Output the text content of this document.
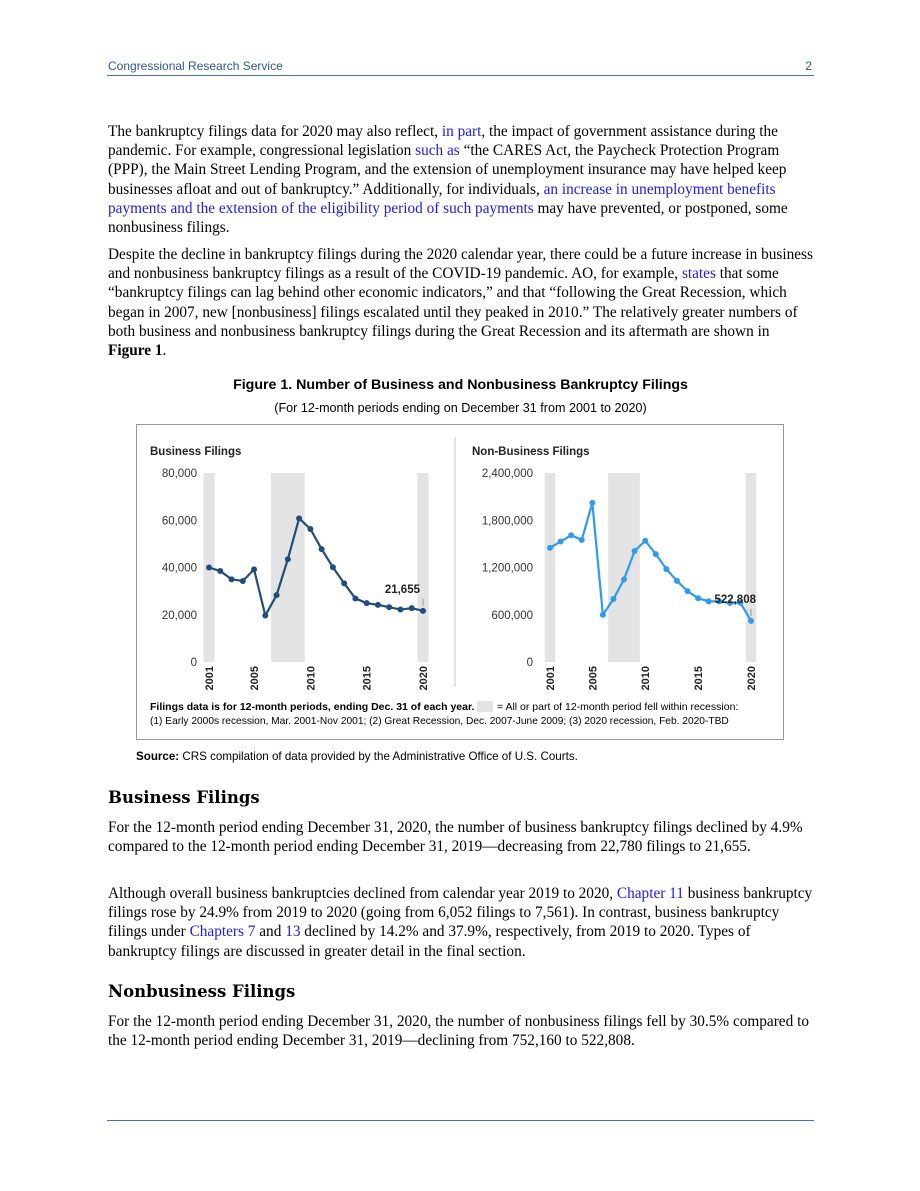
Congressional Research Service	2

The bankruptcy filings data for 2020 may also reflect, in part, the impact of government assistance during the pandemic. For example, congressional legislation such as “the CARES Act, the Paycheck Protection Program (PPP), the Main Street Lending Program, and the extension of unemployment insurance may have helped keep businesses afloat and out of bankruptcy.” Additionally, for individuals, an increase in unemployment benefits payments and the extension of the eligibility period of such payments may have prevented, or postponed, some nonbusiness filings.

Despite the decline in bankruptcy filings during the 2020 calendar year, there could be a future increase in business and nonbusiness bankruptcy filings as a result of the COVID-19 pandemic. AO, for example, states that some “bankruptcy filings can lag behind other economic indicators,” and that “following the Great Recession, which began in 2007, new [nonbusiness] filings escalated until they peaked in 2010.” The relatively greater numbers of both business and nonbusiness bankruptcy filings during the Great Recession and its aftermath are shown in Figure 1.

Figure 1. Number of Business and Nonbusiness Bankruptcy Filings
(For 12-month periods ending on December 31 from 2001 to 2020)
Business Filings
80,000
60,000
40,000
20,000
0
2001	2005	2010	2015	2020
21,655
Non-Business Filings
2,400,000
1,800,000
1,200,000
600,000
0
2001	2005	2010	2015	2020
522,808
Filings data is for 12-month periods, ending Dec. 31 of each year. = All or part of 12-month period fell within recession:
(1) Early 2000s recession, Mar. 2001-Nov 2001; (2) Great Recession, Dec. 2007-June 2009; (3) 2020 recession, Feb. 2020-TBD
Source: CRS compilation of data provided by the Administrative Office of U.S. Courts.
Business Filings

For the 12-month period ending December 31, 2020, the number of business bankruptcy filings declined by 4.9% compared to the 12-month period ending December 31, 2019—decreasing from 22,780 filings to 21,655.

Although overall business bankruptcies declined from calendar year 2019 to 2020, Chapter 11 business bankruptcy filings rose by 24.9% from 2019 to 2020 (going from 6,052 filings to 7,561). In contrast, business bankruptcy filings under Chapters 7 and 13 declined by 14.2% and 37.9%, respectively, from 2019 to 2020. Types of bankruptcy filings are discussed in greater detail in the final section.

Nonbusiness Filings

For the 12-month period ending December 31, 2020, the number of nonbusiness filings fell by 30.5% compared to the 12-month period ending December 31, 2019—declining from 752,160 to 522,808.
